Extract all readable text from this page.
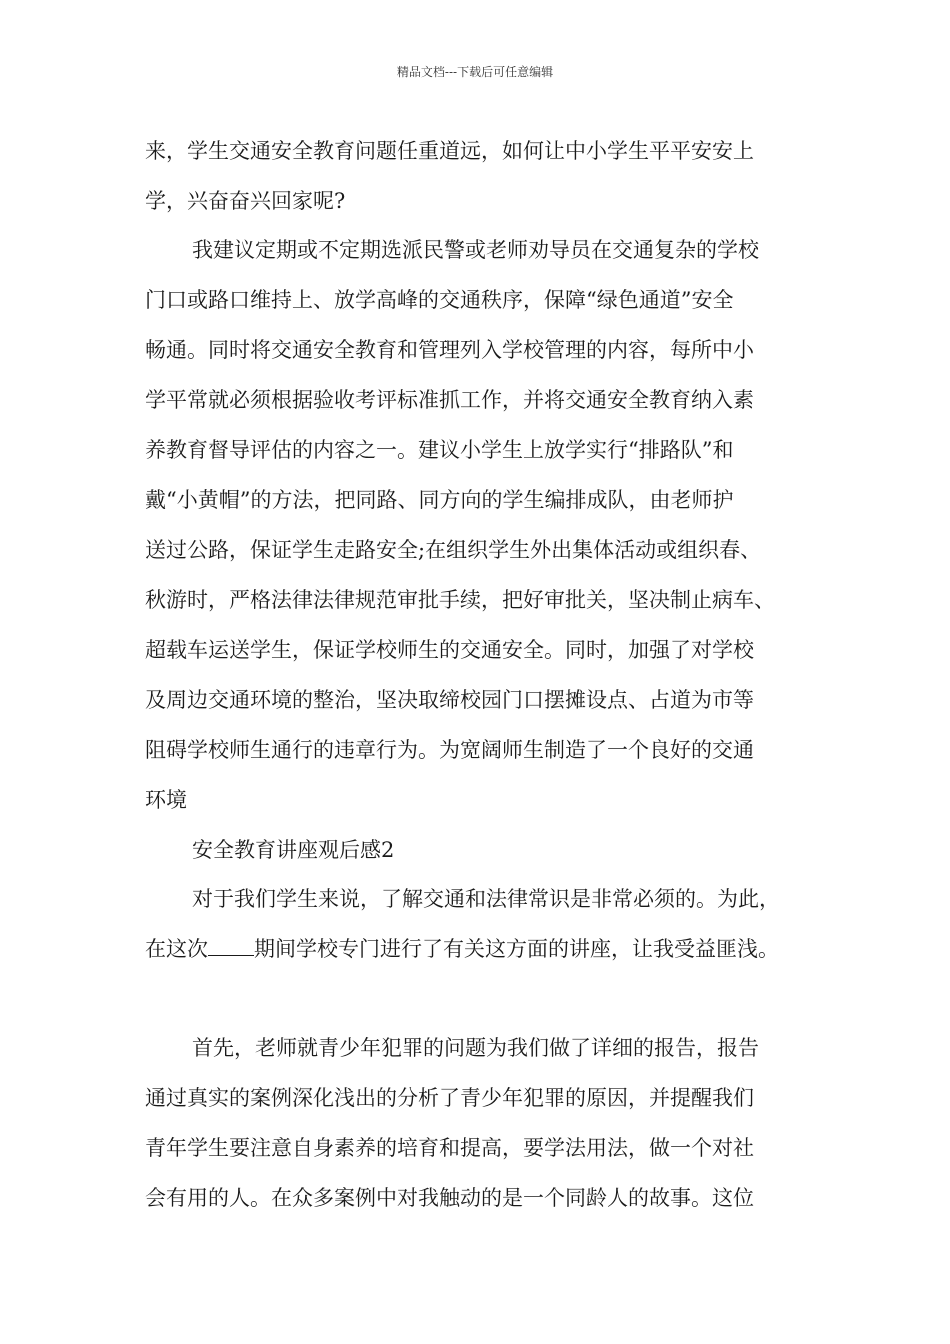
精品文档---下载后可任意编辑
来，学生交通安全教育问题任重道远，如何让中小学生平平安安上
学，兴奋奋兴回家呢?
我建议定期或不定期选派民警或老师劝导员在交通复杂的学校
门口或路口维持上、放学高峰的交通秩序，保障“绿色通道”安全
畅通。同时将交通安全教育和管理列入学校管理的内容，每所中小
学平常就必须根据验收考评标准抓工作，并将交通安全教育纳入素
养教育督导评估的内容之一。建议小学生上放学实行“排路队”和
戴“小黄帽”的方法，把同路、同方向的学生编排成队，由老师护
送过公路，保证学生走路安全;在组织学生外出集体活动或组织春、
秋游时，严格法律法律规范审批手续，把好审批关，坚决制止病车、
超载车运送学生，保证学校师生的交通安全。同时，加强了对学校
及周边交通环境的整治，坚决取缔校园门口摆摊设点、占道为市等
阻碍学校师生通行的违章行为。为宽阔师生制造了一个良好的交通
环境
安全教育讲座观后感2
对于我们学生来说，了解交通和法律常识是非常必须的。为此，
在这次 期间学校专门进行了有关这方面的讲座，让我受益匪浅。
首先，老师就青少年犯罪的问题为我们做了详细的报告，报告
通过真实的案例深化浅出的分析了青少年犯罪的原因，并提醒我们
青年学生要注意自身素养的培育和提高，要学法用法，做一个对社
会有用的人。在众多案例中对我触动的是一个同龄人的故事。这位
